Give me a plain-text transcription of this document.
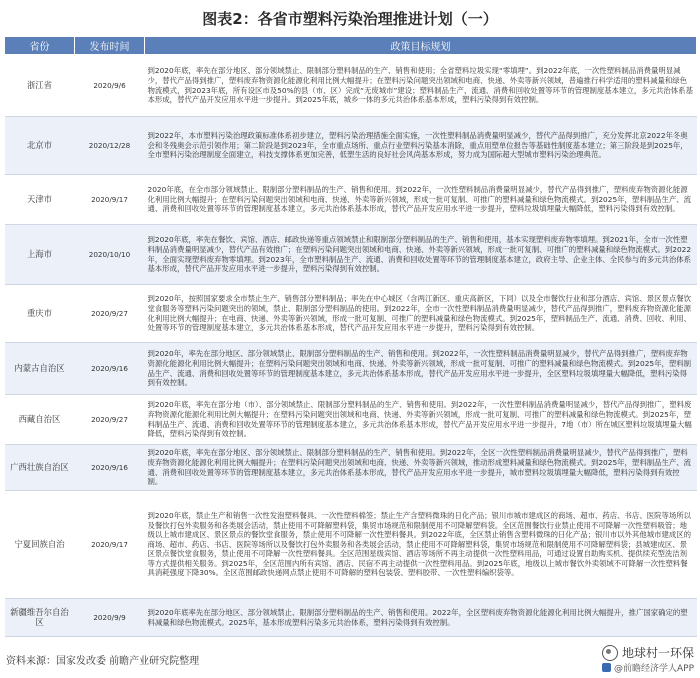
图表2：各省市塑料污染治理推进计划（一）
省份	发布时间	政策目标规划
浙江省	2020/9/6	到2020年底，率先在部分地区、部分领域禁止、限制部分塑料制品的生产、销售和使用；全省塑料垃圾实现“零填埋”。到2022年底，一次性塑料制品消费量明显减少，替代产品得到推广，塑料废弃物资源化能源化利用比例大幅提升；在塑料污染问题突出领域和电商、快递、外卖等新兴领域，普遍推行科学适用的塑料减量和绿色物流模式，到2023年底，所有设区市及50%的县（市、区）完成“无废城市”建设；塑料制品生产、流通、消费和回收处置等环节的管理制度基本建立，多元共治体系基本形成，替代产品开发应用水平进一步提升。到2025年底，城乡一体的多元共治体系基本形成，塑料污染得到有效控制。
北京市	2020/12/28	到2022年，本市塑料污染治理政策标准体系初步建立，塑料污染治理措施全面实施，一次性塑料制品消费量明显减少，替代产品得到推广，充分发挥北京2022年冬奥会和冬残奥会示范引领作用；第二阶段是到2023年，全市重点场所、重点行业塑料污染基本消除，重点用塑单位报告等基础性制度基本建立；第三阶段是到2025年，全市塑料污染治理制度全面建立，科技支撑体系更加完善，低塑生活的良好社会风尚基本形成，努力成为国际超大型城市塑料污染治理典范。
天津市	2020/9/17	2020年底，在全市部分领域禁止、限制部分塑料制品的生产、销售和使用。到2022年，一次性塑料制品消费量明显减少，替代产品得到推广，塑料废弃物资源化能源化利用比例大幅提升；在塑料污染问题突出领域和电商、快递、外卖等新兴领域，形成一批可复制、可推广的塑料减量和绿色物流模式。到2025年，塑料制品生产、流通、消费和回收处置等环节的管理制度基本建立，多元共治体系基本形成，替代产品开发应用水平进一步提升，塑料垃圾填埋量大幅降低，塑料污染得到有效控制。
上海市	2020/10/10	到2020年底，率先在餐饮、宾馆、酒店、邮政快递等重点领域禁止和限制部分塑料制品的生产、销售和使用，基本实现塑料废弃物零填埋。到2021年，全市一次性塑料制品消费量明显减少，替代产品有效推广；在塑料污染问题突出领域和电商、快递、外卖等新兴领域，形成一批可复制、可推广的塑料减量和绿色物流模式。到2022年，全面实现塑料废弃物零填埋。到2023年，全市塑料制品生产、流通、消费和回收处置等环节的管理制度基本建立，政府主导、企业主体、全民参与的多元共治体系基本形成，替代产品开发应用水平进一步提升，塑料污染得到有效控制。
重庆市	2020/9/27	到2020年，按照国家要求全市禁止生产、销售部分塑料制品；率先在中心城区（含两江新区、重庆高新区，下同）以及全市餐饮行业和部分酒店、宾馆、景区景点餐饮堂食服务等塑料污染问题突出的领域，禁止、限制部分塑料制品的使用。到2022年，全市一次性塑料制品消费量明显减少，替代产品得到推广，塑料废弃物资源化能源化利用比例大幅提升；在电商、快递、外卖等新兴领域，形成一批可复制、可推广的塑料减量和绿色物流模式。到2025年，塑料制品生产、流通、消费、回收、利用、处置等环节的管理制度基本建立，多元共治体系基本形成，替代产品开发应用水平进一步提升，塑料污染得到有效控制。
内蒙古自治区	2020/9/16	到2020年，率先在部分地区、部分领域禁止、限制部分塑料制品的生产、销售和使用。到2022年，一次性塑料制品消费量明显减少，替代产品得到推广，塑料废弃物资源化能源化利用比例大幅提升；在塑料污染问题突出领域和电商、快递、外卖等新兴领域，形成一批可复制、可推广的塑料减量和绿色物流模式。到2025年，塑料制品生产、流通、消费和回收处置等环节的管理制度基本建立，多元共治体系基本形成，替代产品开发应用水平进一步提升，全区塑料垃圾填埋量大幅降低，塑料污染得到有效控制。
西藏自治区	2020/9/27	到2020年底，率先在部分地（市）、部分领域禁止、限制部分塑料制品的生产、销售和使用。到2022年，一次性塑料制品消费量明显减少，替代产品得到推广，塑料废弃物资源化能源化利用比例大幅提升；在塑料污染问题突出领域和电商、快递、外卖等新兴领域，形成一批可复制、可推广的塑料减量和绿色物流模式。到2025年，塑料制品生产、流通、消费和回收处置等环节的管理制度基本建立，多元共治体系基本形成，替代产品开发应用水平进一步提升，7地（市）所在城区塑料垃圾填埋量大幅降低，塑料污染得到有效控制。
广西壮族自治区	2020/9/16	到2020年底，率先在部分地区、部分领域禁止、限制部分塑料制品的生产、销售和使用。到2022年，全区一次性塑料制品消费量明显减少，替代产品得到推广，塑料废弃物资源化能源化利用比例大幅提升；在塑料污染问题突出领域和电商、快递、外卖等新兴领域，推动形成塑料减量和绿色物流模式。到2025年，塑料制品生产、流通、消费和回收处置等环节的管理制度基本建立，多元共治体系基本形成，替代产品开发应用水平进一步提升，城市塑料垃圾填埋量大幅降低，塑料污染得到有效控制。
宁夏回族自治	2020/9/17	到2020年底，禁止生产和销售一次性发泡塑料餐具、一次性塑料棉签；禁止生产含塑料微珠的日化产品；银川市城市建成区的商场、超市、药店、书店、医院等场所以及餐饮打包外卖服务和各类展会活动，禁止使用不可降解塑料袋，集贸市场规范和限制使用不可降解塑料袋。全区范围餐饮行业禁止使用不可降解一次性塑料吸管；地级以上城市建成区、景区景点的餐饮堂食服务，禁止使用不可降解一次性塑料餐具。到2022年底，全区禁止销售含塑料微珠的日化产品；银川市以外其他城市建成区的商场、超市、药店、书店、医院等场所以及餐饮打包外卖服务和各类展会活动，禁止使用不可降解塑料袋，集贸市场规范和限制使用不可降解塑料袋；县城建成区、景区景点餐饮堂食服务，禁止使用不可降解一次性塑料餐具。全区范围星级宾馆、酒店等场所不再主动提供一次性塑料用品，可通过设置自助购买机、提供续充型洗洁剂等方式提供相关服务。到2025年，全区范围内所有宾馆、酒店、民宿不再主动提供一次性塑料用品。到2025年底，地级以上城市餐饮外卖领域不可降解一次性塑料餐具消耗强度下降30%。全区范围邮政快递网点禁止使用不可降解的塑料包装袋、塑料胶带、一次性塑料编织袋等。
新疆维吾尔自治区	2020/9/9	到2020年底率先在部分地区、部分领域禁止、限制部分塑料制品的生产、销售和使用。2022年，全区塑料废弃物资源化能源化利用比例大幅提升，推广国家确定的塑料减量和绿色物流模式。2025年，基本形成塑料污染多元共治体系，塑料污染得到有效控制。
资料来源：国家发改委 前瞻产业研究院整理
地球村一环保
@前瞻经济学人APP
